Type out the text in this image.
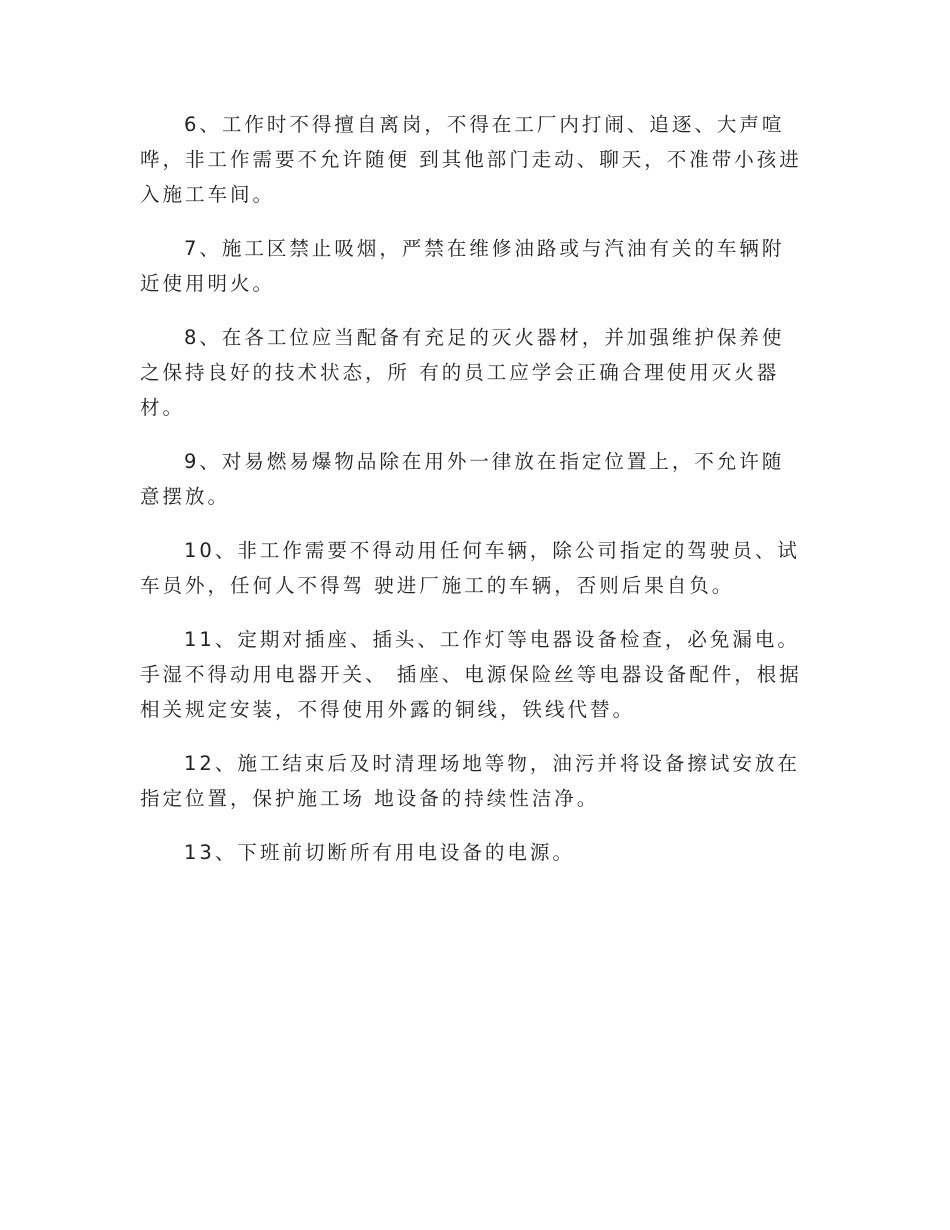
6、工作时不得擅自离岗，不得在工厂内打闹、追逐、大声喧哗，非工作需要不允许随便 到其他部门走动、聊天，不准带小孩进入施工车间。

7、施工区禁止吸烟，严禁在维修油路或与汽油有关的车辆附近使用明火。

8、在各工位应当配备有充足的灭火器材，并加强维护保养使之保持良好的技术状态，所 有的员工应学会正确合理使用灭火器材。

9、对易燃易爆物品除在用外一律放在指定位置上，不允许随意摆放。

10、非工作需要不得动用任何车辆，除公司指定的驾驶员、试车员外，任何人不得驾 驶进厂施工的车辆，否则后果自负。

11、定期对插座、插头、工作灯等电器设备检查，必免漏电。手湿不得动用电器开关、 插座、电源保险丝等电器设备配件，根据相关规定安装，不得使用外露的铜线，铁线代替。

12、施工结束后及时清理场地等物，油污并将设备擦试安放在指定位置，保护施工场 地设备的持续性洁净。

13、下班前切断所有用电设备的电源。
